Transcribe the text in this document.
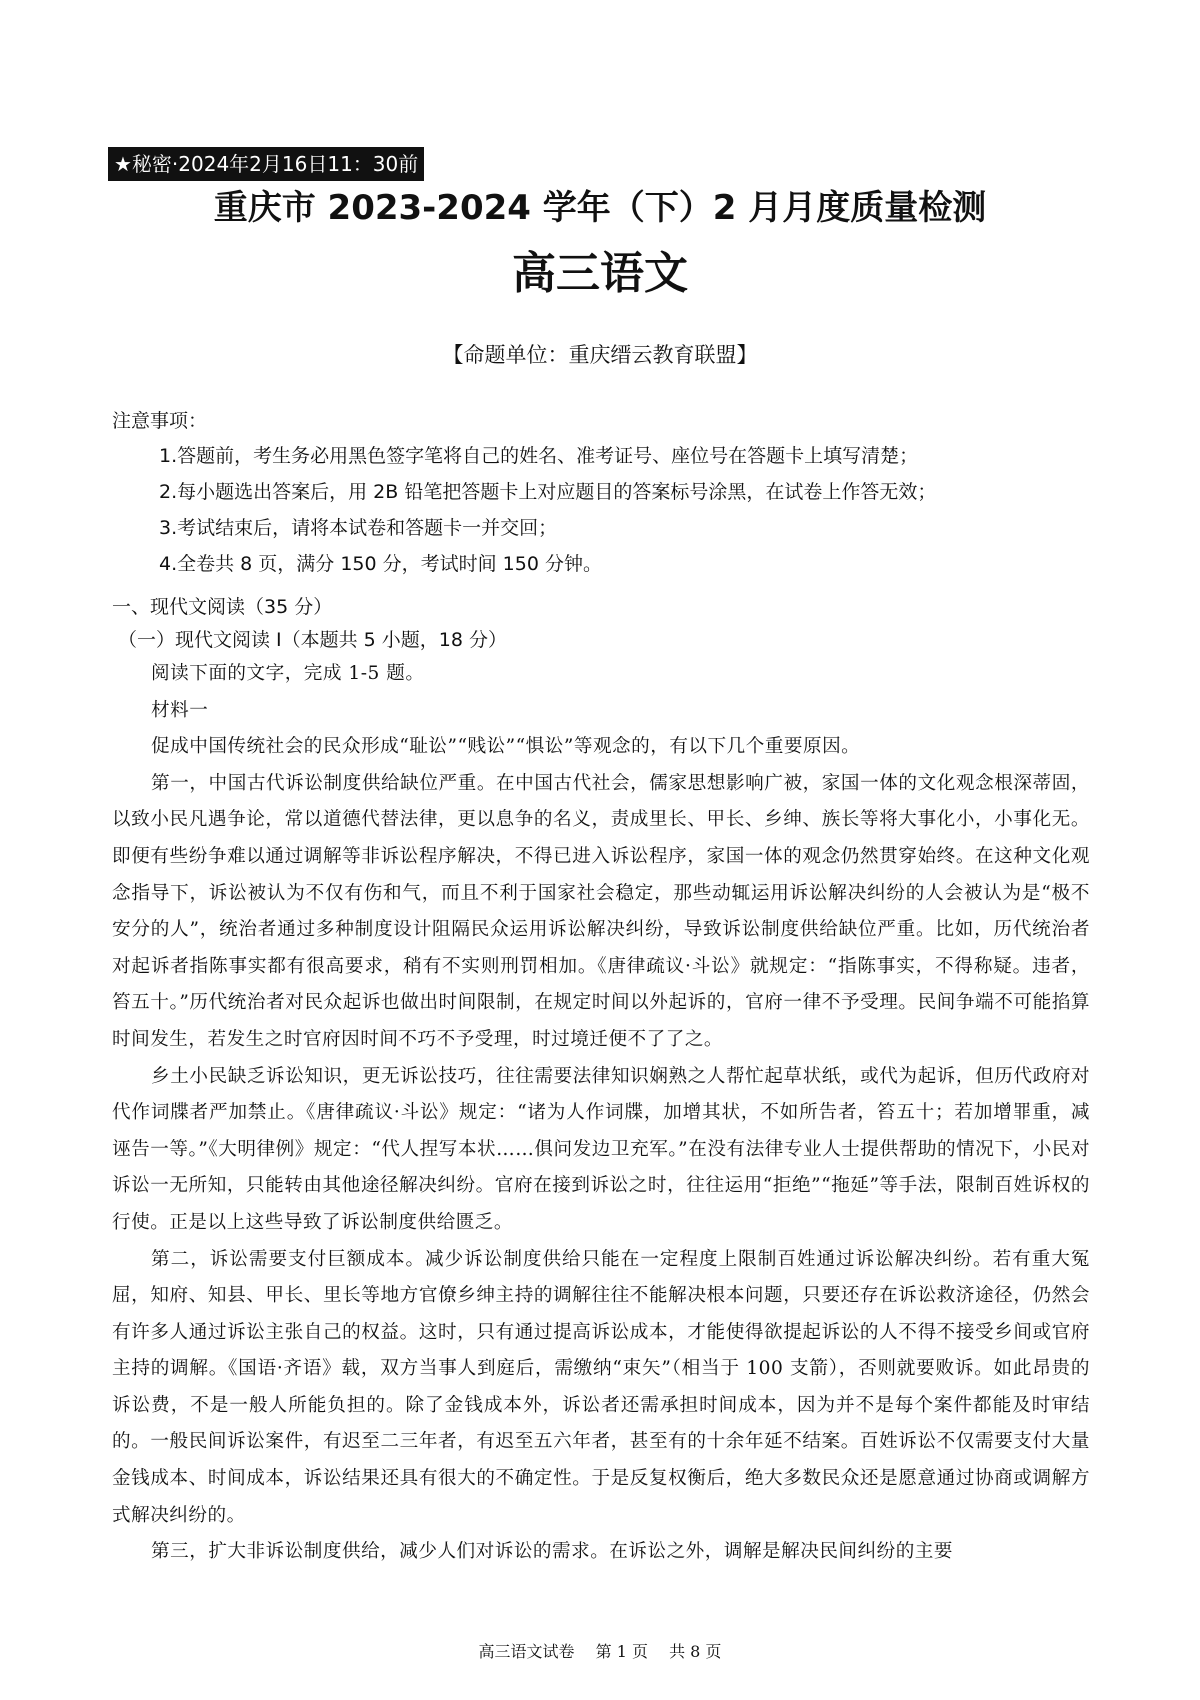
★秘密·2024年2月16日11：30前
重庆市 2023-2024 学年（下）2 月月度质量检测
高三语文
【命题单位：重庆缙云教育联盟】
注意事项：
1.答题前，考生务必用黑色签字笔将自己的姓名、准考证号、座位号在答题卡上填写清楚；
2.每小题选出答案后，用 2B 铅笔把答题卡上对应题目的答案标号涂黑，在试卷上作答无效；
3.考试结束后，请将本试卷和答题卡一并交回；
4.全卷共 8 页，满分 150 分，考试时间 150 分钟。
一、现代文阅读（35 分）
（一）现代文阅读 I（本题共 5 小题，18 分）

阅读下面的文字，完成 1-5 题。

材料一

促成中国传统社会的民众形成“耻讼”“贱讼”“惧讼”等观念的，有以下几个重要原因。

第一，中国古代诉讼制度供给缺位严重。在中国古代社会，儒家思想影响广被，家国一体的文化观念根深蒂固，以致小民凡遇争论，常以道德代替法律，更以息争的名义，责成里长、甲长、乡绅、族长等将大事化小，小事化无。即便有些纷争难以通过调解等非诉讼程序解决，不得已进入诉讼程序，家国一体的观念仍然贯穿始终。在这种文化观念指导下，诉讼被认为不仅有伤和气，而且不利于国家社会稳定，那些动辄运用诉讼解决纠纷的人会被认为是“极不安分的人”，统治者通过多种制度设计阻隔民众运用诉讼解决纠纷，导致诉讼制度供给缺位严重。比如，历代统治者对起诉者指陈事实都有很高要求，稍有不实则刑罚相加。《唐律疏议·斗讼》就规定：“指陈事实，不得称疑。违者，笞五十。”历代统治者对民众起诉也做出时间限制，在规定时间以外起诉的，官府一律不予受理。民间争端不可能掐算时间发生，若发生之时官府因时间不巧不予受理，时过境迁便不了了之。

乡土小民缺乏诉讼知识，更无诉讼技巧，往往需要法律知识娴熟之人帮忙起草状纸，或代为起诉，但历代政府对代作词牒者严加禁止。《唐律疏议·斗讼》规定：“诸为人作词牒，加增其状，不如所告者，笞五十；若加增罪重，减诬告一等。”《大明律例》规定：“代人捏写本状……俱问发边卫充军。”在没有法律专业人士提供帮助的情况下，小民对诉讼一无所知，只能转由其他途径解决纠纷。官府在接到诉讼之时，往往运用“拒绝”“拖延”等手法，限制百姓诉权的行使。正是以上这些导致了诉讼制度供给匮乏。

第二，诉讼需要支付巨额成本。减少诉讼制度供给只能在一定程度上限制百姓通过诉讼解决纠纷。若有重大冤屈，知府、知县、甲长、里长等地方官僚乡绅主持的调解往往不能解决根本问题，只要还存在诉讼救济途径，仍然会有许多人通过诉讼主张自己的权益。这时，只有通过提高诉讼成本，才能使得欲提起诉讼的人不得不接受乡间或官府主持的调解。《国语·齐语》载，双方当事人到庭后，需缴纳“束矢”（相当于 100 支箭），否则就要败诉。如此昂贵的诉讼费，不是一般人所能负担的。除了金钱成本外，诉讼者还需承担时间成本，因为并不是每个案件都能及时审结的。一般民间诉讼案件，有迟至二三年者，有迟至五六年者，甚至有的十余年延不结案。百姓诉讼不仅需要支付大量金钱成本、时间成本，诉讼结果还具有很大的不确定性。于是反复权衡后，绝大多数民众还是愿意通过协商或调解方式解决纠纷的。

第三，扩大非诉讼制度供给，减少人们对诉讼的需求。在诉讼之外，调解是解决民间纠纷的主要

高三语文试卷　 第 1 页　 共 8 页
